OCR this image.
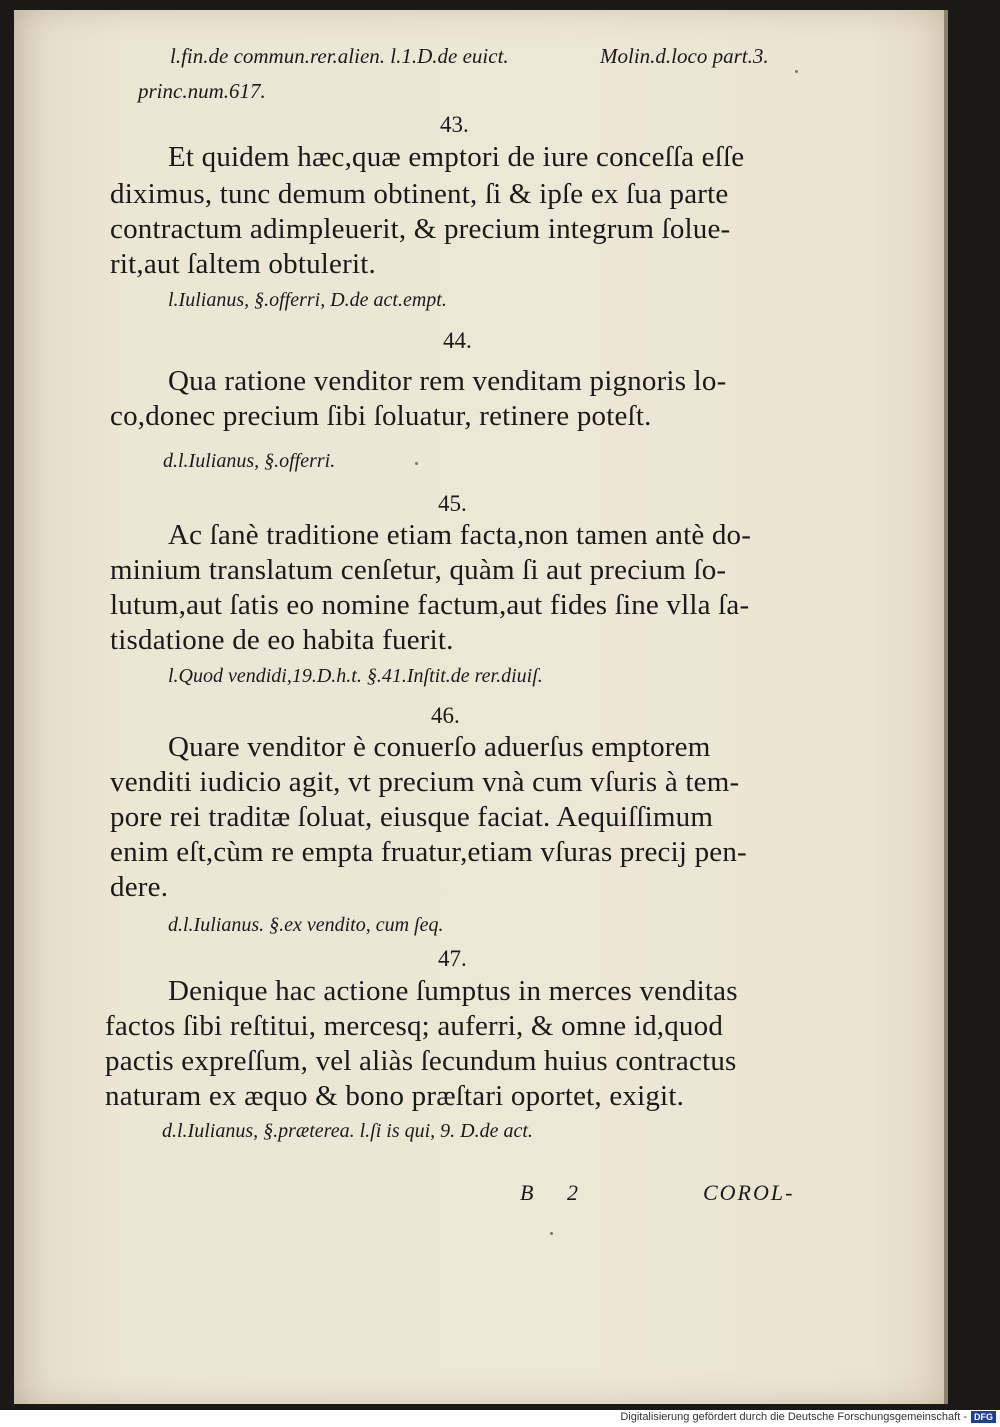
l.fin.de commun.rer.alien. l.1.D.de euict.	Molin.d.loco part.3.
princ.num.617.
43.
Et quidem hæc,quæ emptori de iure conceſſa eſſe
diximus, tunc demum obtinent, ſi & ipſe ex ſua parte
contractum adimpleuerit, & precium integrum ſolue-
rit,aut ſaltem obtulerit.
l.Iulianus, §.offerri, D.de act.empt.
44.
Qua ratione venditor rem venditam pignoris lo-
co,donec precium ſibi ſoluatur, retinere poteſt.
d.l.Iulianus, §.offerri.
45.
Ac ſanè traditione etiam facta,non tamen antè do-
minium translatum cenſetur, quàm ſi aut precium ſo-
lutum,aut ſatis eo nomine factum,aut fides ſine vlla ſa-
tisdatione de eo habita fuerit.
l.Quod vendidi,19.D.h.t. §.41.Inſtit.de rer.diuiſ.
46.
Quare venditor è conuerſo aduerſus emptorem
venditi iudicio agit, vt precium vnà cum vſuris à tem-
pore rei traditæ ſoluat, eiusque faciat. Aequiſſimum
enim eſt,cùm re empta fruatur,etiam vſuras precij pen-
dere.
d.l.Iulianus. §.ex vendito, cum ſeq.
47.
Denique hac actione ſumptus in merces venditas
factos ſibi reſtitui, mercesq; auferri, & omne id,quod
pactis expreſſum, vel aliàs ſecundum huius contractus
naturam ex æquo & bono præſtari oportet, exigit.
d.l.Iulianus, §.præterea. l.ſi is qui, 9. D.de act.
B 2	COROL-
Digitalisierung gefördert durch die Deutsche Forschungsgemeinschaft - DFG
